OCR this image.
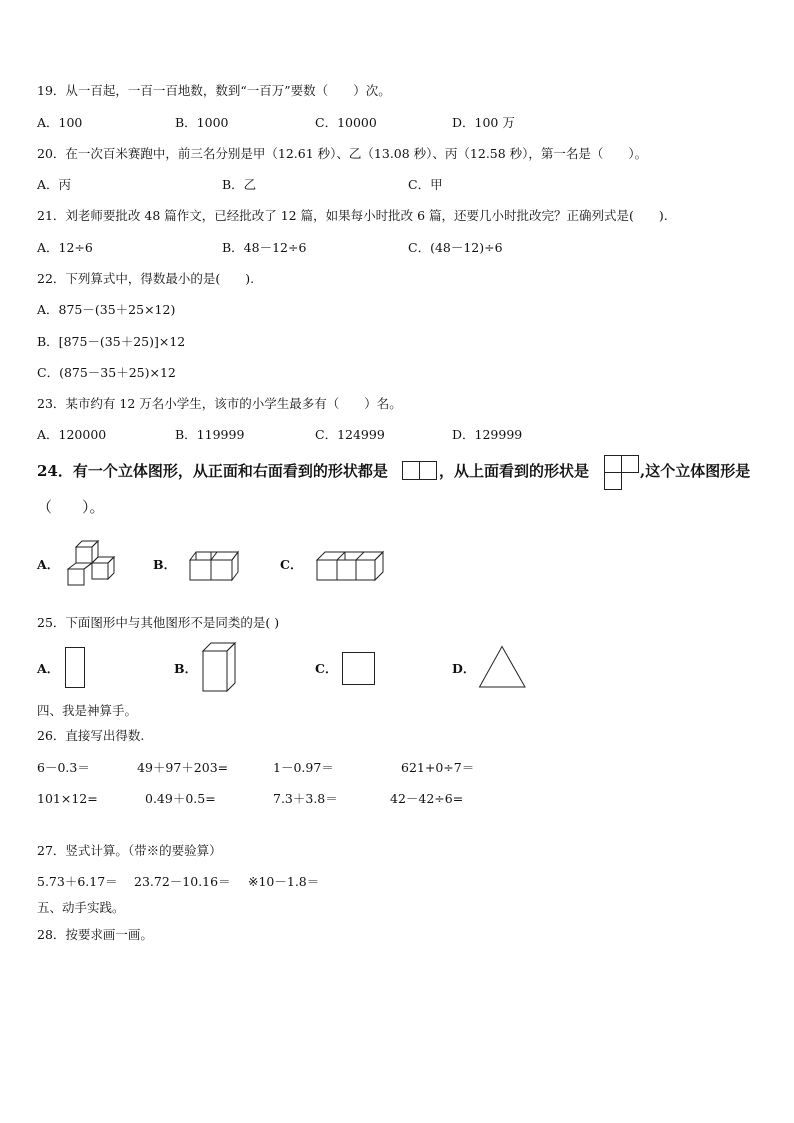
19．从一百起，一百一百地数，数到“一百万”要数（　　）次。
A．100	B．1000	C．10000	D．100 万
20．在一次百米赛跑中，前三名分别是甲（12.61 秒）、乙（13.08 秒）、丙（12.58 秒），第一名是（　　）。
A．丙	B．乙	C．甲
21．刘老师要批改 48 篇作文，已经批改了 12 篇，如果每小时批改 6 篇，还要几小时批改完？正确列式是(　　).
A．12÷6	B．48－12÷6	C．(48－12)÷6
22．下列算式中，得数最小的是(　　).
A．875－(35＋25×12)
B．[875－(35＋25)]×12
C．(875－35＋25)×12
23．某市约有 12 万名小学生，该市的小学生最多有（　　）名。
A．120000	B．119999	C．124999	D．129999
24．有一个立体图形，从正面和右面看到的形状都是	，从上面看到的形状是	,这个立体图形是
（　　）。
A．	B．	C．
25．下面图形中与其他图形不是同类的是( )
A．	B．	C．	D．
四、我是神算手。
26．直接写出得数.
6－0.3＝	49＋97＋203=	1－0.97＝	621+0÷7＝
101×12=	0.49＋0.5=	7.3＋3.8＝	42－42÷6=
27．竖式计算。（带※的要验算）
5.73＋6.17＝ 23.72－10.16＝ ※10－1.8＝
五、动手实践。
28．按要求画一画。
